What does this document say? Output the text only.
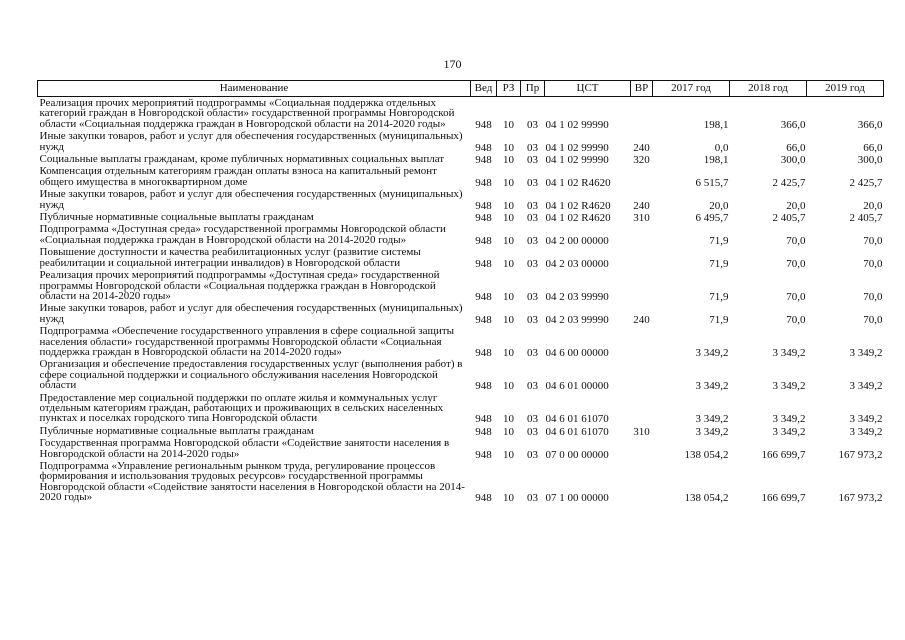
170
Наименование	Вед	РЗ	Пр	ЦСТ	ВР	2017 год	2018 год	2019 год
Реализация прочих мероприятий подпрограммы «Социальная поддержка отдельных категорий граждан в Новгородской области» государственной программы Новгородской области «Социальная поддержка граждан в Новгородской области на 2014-2020 годы»	948	10	03	04 1 02 99990		198,1	366,0	366,0
Иные закупки товаров, работ и услуг для обеспечения государственных (муниципальных) нужд	948	10	03	04 1 02 99990	240	0,0	66,0	66,0
Социальные выплаты гражданам, кроме публичных нормативных социальных выплат	948	10	03	04 1 02 99990	320	198,1	300,0	300,0
Компенсация отдельным категориям граждан оплаты взноса на капитальный ремонт общего имущества в многоквартирном доме	948	10	03	04 1 02 R4620		6 515,7	2 425,7	2 425,7
Иные закупки товаров, работ и услуг для обеспечения государственных (муниципальных) нужд	948	10	03	04 1 02 R4620	240	20,0	20,0	20,0
Публичные нормативные социальные выплаты гражданам	948	10	03	04 1 02 R4620	310	6 495,7	2 405,7	2 405,7
Подпрограмма «Доступная среда» государственной программы Новгородской области «Социальная поддержка граждан в Новгородской области на 2014-2020 годы»	948	10	03	04 2 00 00000		71,9	70,0	70,0
Повышение доступности и качества реабилитационных услуг (развитие системы реабилитации и социальной интеграции инвалидов) в Новгородской области	948	10	03	04 2 03 00000		71,9	70,0	70,0
Реализация прочих мероприятий подпрограммы «Доступная среда» государственной программы Новгородской области «Социальная поддержка граждан в Новгородской области на 2014-2020 годы»	948	10	03	04 2 03 99990		71,9	70,0	70,0
Иные закупки товаров, работ и услуг для обеспечения государственных (муниципальных) нужд	948	10	03	04 2 03 99990	240	71,9	70,0	70,0
Подпрограмма «Обеспечение государственного управления в сфере социальной защиты населения области» государственной программы Новгородской области «Социальная поддержка граждан в Новгородской области на 2014-2020 годы»	948	10	03	04 6 00 00000		3 349,2	3 349,2	3 349,2
Организация и обеспечение предоставления государственных услуг (выполнения работ) в сфере социальной поддержки и социального обслуживания населения Новгородской области	948	10	03	04 6 01 00000		3 349,2	3 349,2	3 349,2
Предоставление мер социальной поддержки по оплате жилья и коммунальных услуг отдельным категориям граждан, работающих и проживающих в сельских населенных пунктах и поселках городского типа Новгородской области	948	10	03	04 6 01 61070		3 349,2	3 349,2	3 349,2
Публичные нормативные социальные выплаты гражданам	948	10	03	04 6 01 61070	310	3 349,2	3 349,2	3 349,2
Государственная программа Новгородской области «Содействие занятости населения в Новгородской области на 2014-2020 годы»	948	10	03	07 0 00 00000		138 054,2	166 699,7	167 973,2
Подпрограмма «Управление региональным рынком труда, регулирование процессов формирования и использования трудовых ресурсов» государственной программы Новгородской области «Содействие занятости населения в Новгородской области на 2014-2020 годы»	948	10	03	07 1 00 00000		138 054,2	166 699,7	167 973,2
